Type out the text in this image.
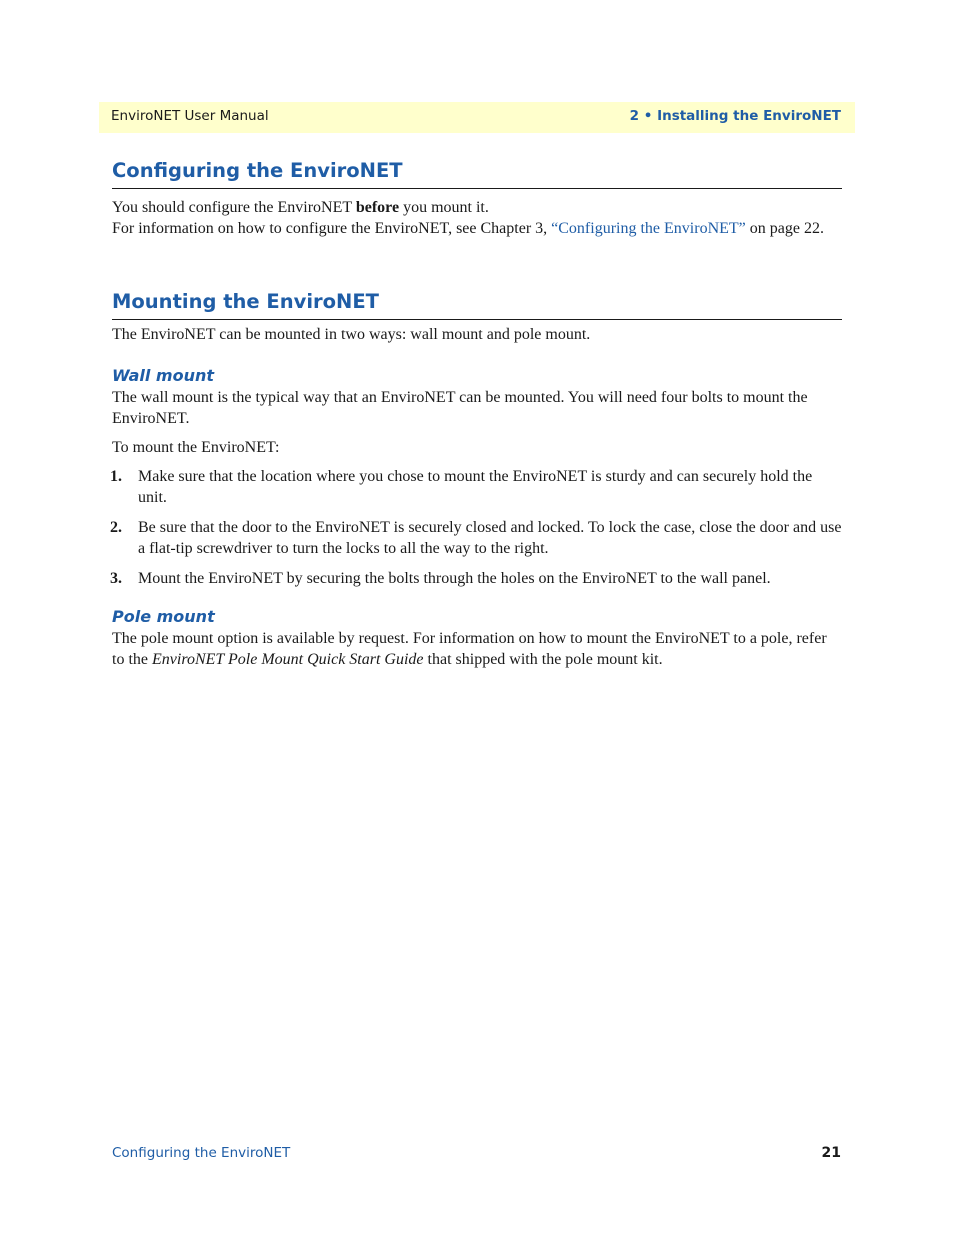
EnviroNET User Manual	2 • Installing the EnviroNET
Configuring the EnviroNET

You should configure the EnviroNET before you mount it.

For information on how to configure the EnviroNET, see Chapter 3, “Configuring the EnviroNET” on page 22.

Mounting the EnviroNET

The EnviroNET can be mounted in two ways: wall mount and pole mount.

Wall mount

The wall mount is the typical way that an EnviroNET can be mounted. You will need four bolts to mount the EnviroNET.

To mount the EnviroNET:

1. Make sure that the location where you chose to mount the EnviroNET is sturdy and can securely hold the unit.
2. Be sure that the door to the EnviroNET is securely closed and locked. To lock the case, close the door and use a flat-tip screwdriver to turn the locks to all the way to the right.
3. Mount the EnviroNET by securing the bolts through the holes on the EnviroNET to the wall panel.
Pole mount

The pole mount option is available by request. For information on how to mount the EnviroNET to a pole, refer to the EnviroNET Pole Mount Quick Start Guide that shipped with the pole mount kit.

Configuring the EnviroNET	21
